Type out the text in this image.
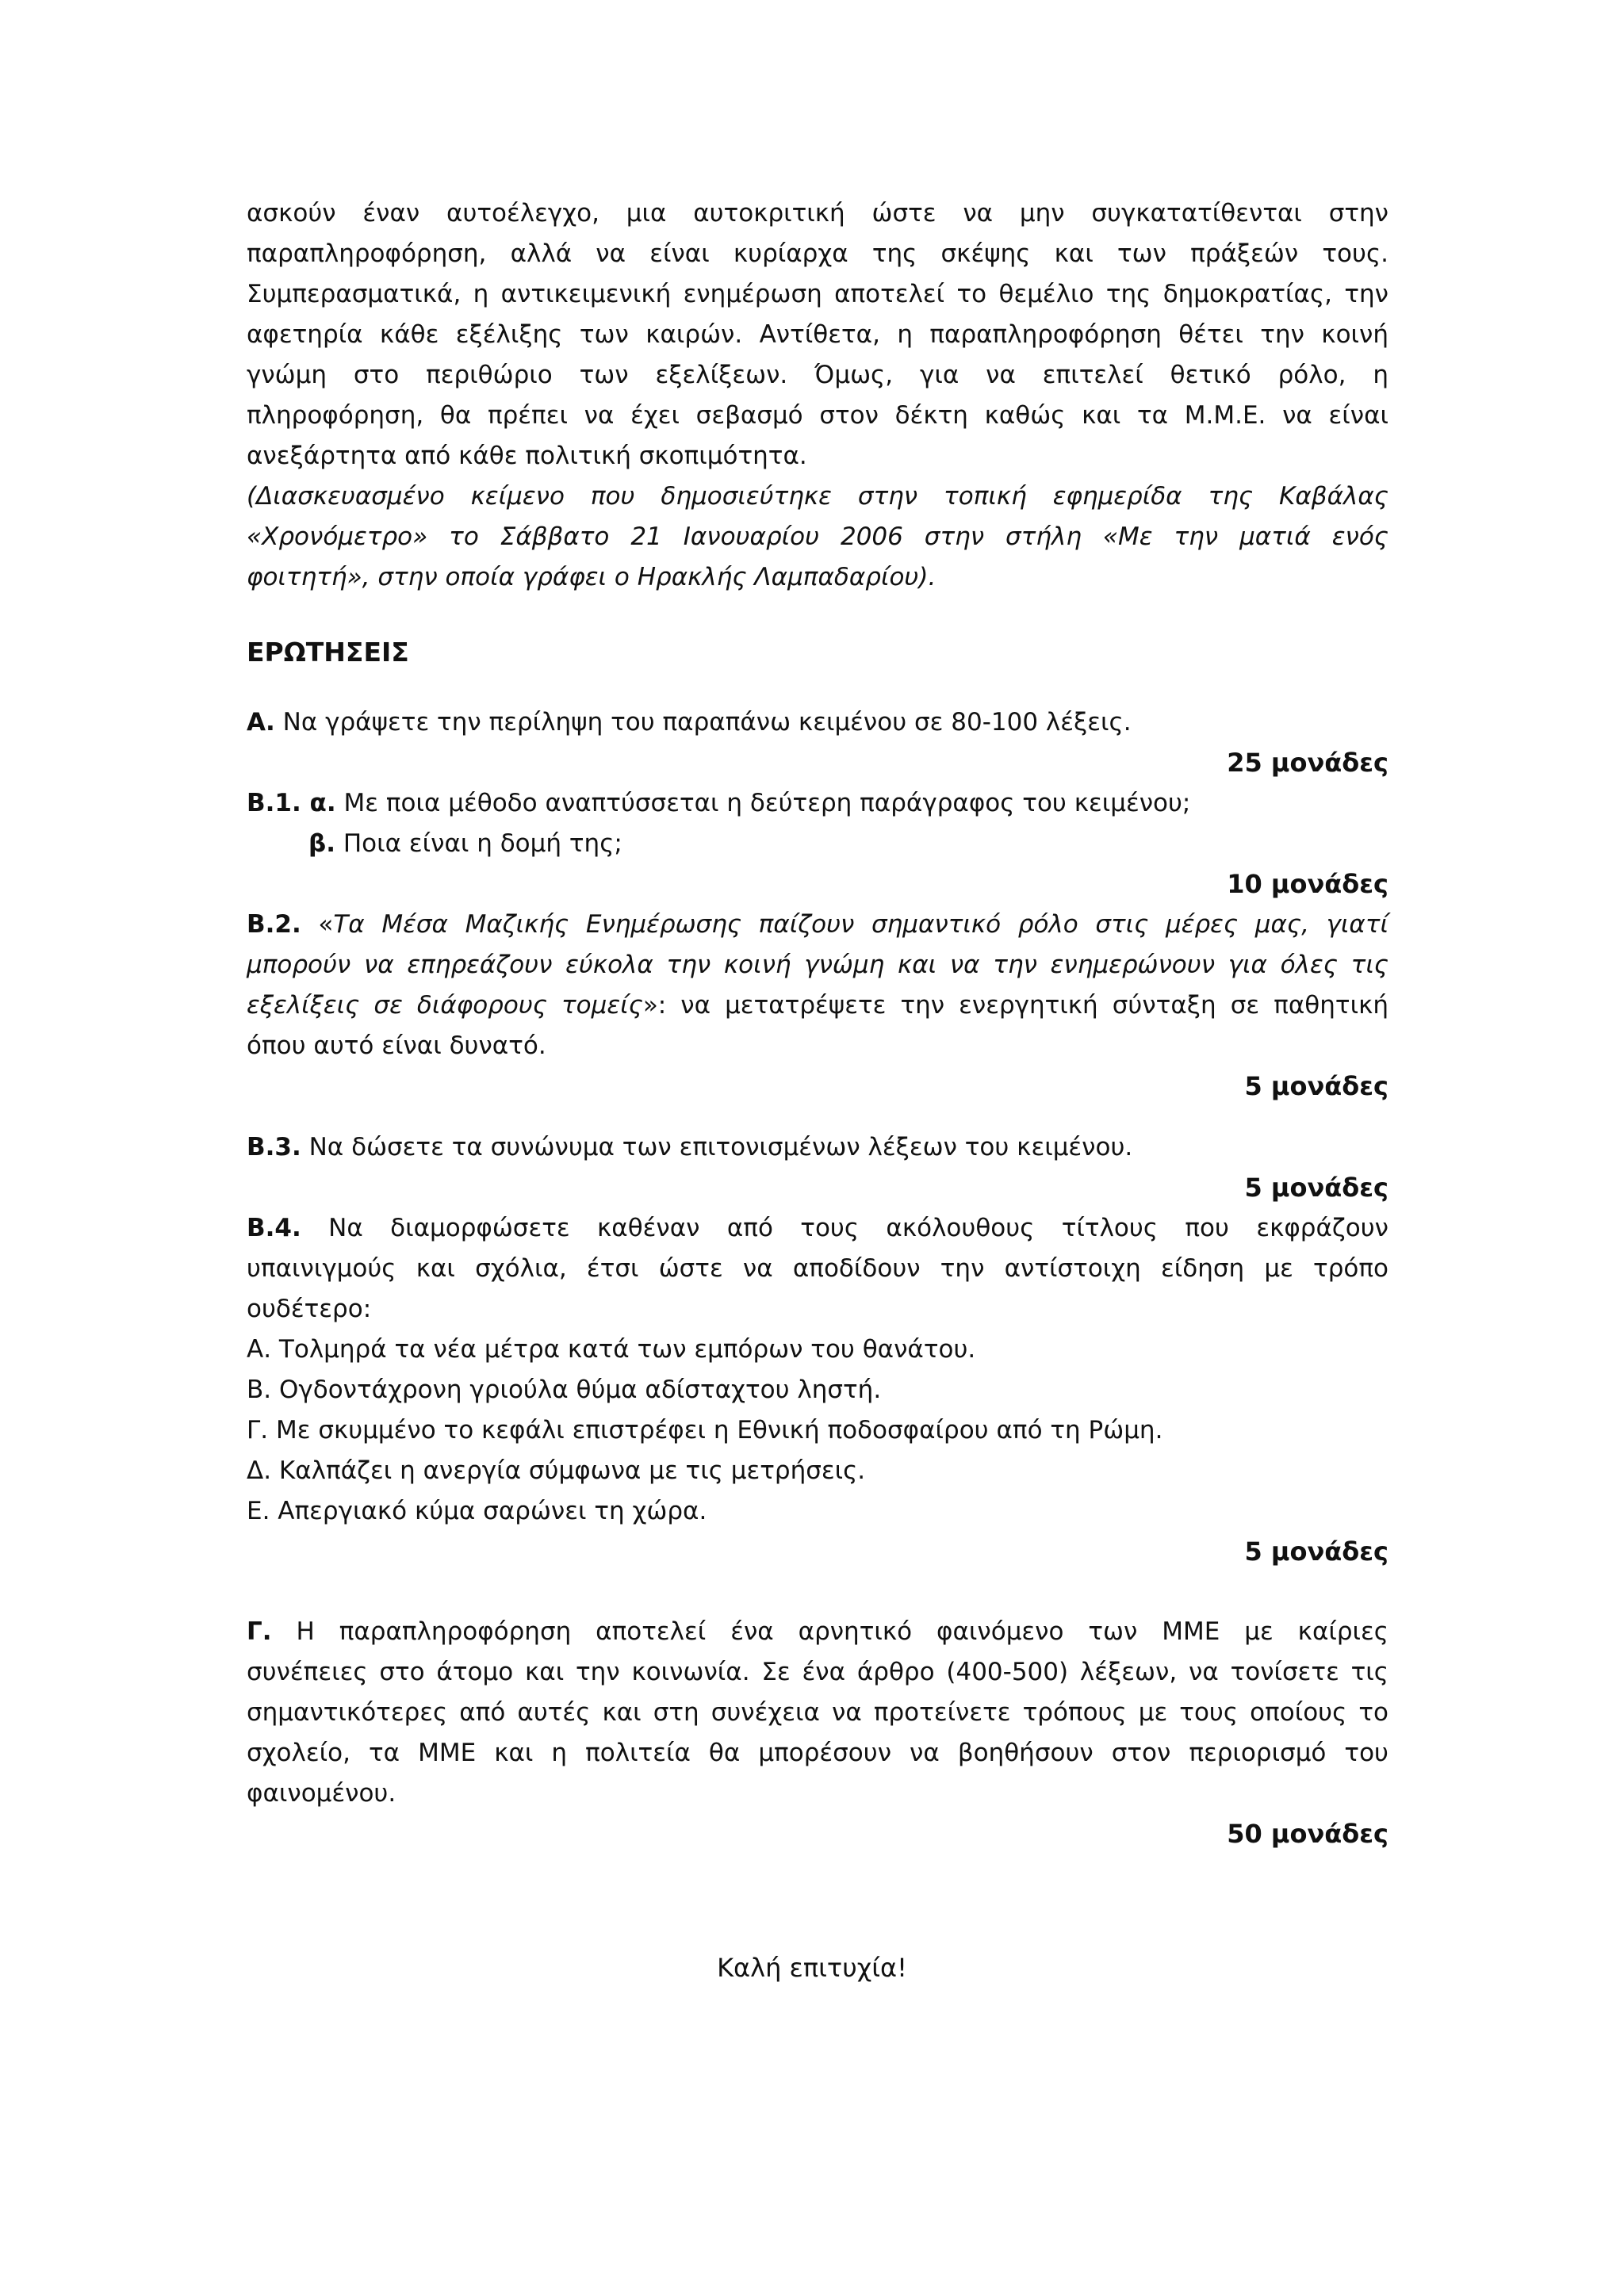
ασκούν έναν αυτοέλεγχο, μια αυτοκριτική ώστε να μην συγκατατίθενται στην

παραπληροφόρηση, αλλά να είναι κυρίαρχα της σκέψης και των πράξεών τους.

Συμπερασματικά, η αντικειμενική ενημέρωση αποτελεί το θεμέλιο της δημοκρατίας, την

αφετηρία κάθε εξέλιξης των καιρών. Αντίθετα, η παραπληροφόρηση θέτει την κοινή

γνώμη στο περιθώριο των εξελίξεων. Όμως, για να επιτελεί θετικό ρόλο, η

πληροφόρηση, θα πρέπει να έχει σεβασμό στον δέκτη καθώς και τα Μ.Μ.Ε. να είναι

ανεξάρτητα από κάθε πολιτική σκοπιμότητα.

(Διασκευασμένο κείμενο που δημοσιεύτηκε στην τοπική εφημερίδα της Καβάλας

«Χρονόμετρο» το Σάββατο 21 Ιανουαρίου 2006 στην στήλη «Με την ματιά ενός

φοιτητή», στην οποία γράφει ο Ηρακλής Λαμπαδαρίου).

ΕΡΩΤΗΣΕΙΣ

Α. Να γράψετε την περίληψη του παραπάνω κειμένου σε 80-100 λέξεις.

25 μονάδες

Β.1. α. Με ποια μέθοδο αναπτύσσεται η δεύτερη παράγραφος του κειμένου;

β. Ποια είναι η δομή της;

10 μονάδες

Β.2. «Τα Μέσα Μαζικής Ενημέρωσης παίζουν σημαντικό ρόλο στις μέρες μας, γιατί

μπορούν να επηρεάζουν εύκολα την κοινή γνώμη και να την ενημερώνουν για όλες τις

εξελίξεις σε διάφορους τομείς»: να μετατρέψετε την ενεργητική σύνταξη σε παθητική

όπου αυτό είναι δυνατό.

5 μονάδες

Β.3. Να δώσετε τα συνώνυμα των επιτονισμένων λέξεων του κειμένου.

5 μονάδες

Β.4. Να διαμορφώσετε καθέναν από τους ακόλουθους τίτλους που εκφράζουν

υπαινιγμούς και σχόλια, έτσι ώστε να αποδίδουν την αντίστοιχη είδηση με τρόπο

ουδέτερο:

Α. Τολμηρά τα νέα μέτρα κατά των εμπόρων του θανάτου.

Β. Ογδοντάχρονη γριούλα θύμα αδίσταχτου ληστή.

Γ. Με σκυμμένο το κεφάλι επιστρέφει η Εθνική ποδοσφαίρου από τη Ρώμη.

Δ. Καλπάζει η ανεργία σύμφωνα με τις μετρήσεις.

Ε. Απεργιακό κύμα σαρώνει τη χώρα.

5 μονάδες

Γ. Η παραπληροφόρηση αποτελεί ένα αρνητικό φαινόμενο των ΜΜΕ με καίριες

συνέπειες στο άτομο και την κοινωνία. Σε ένα άρθρο (400-500) λέξεων, να τονίσετε τις

σημαντικότερες από αυτές και στη συνέχεια να προτείνετε τρόπους με τους οποίους το

σχολείο, τα ΜΜΕ και η πολιτεία θα μπορέσουν να βοηθήσουν στον περιορισμό του

φαινομένου.

50 μονάδες

Καλή επιτυχία!
